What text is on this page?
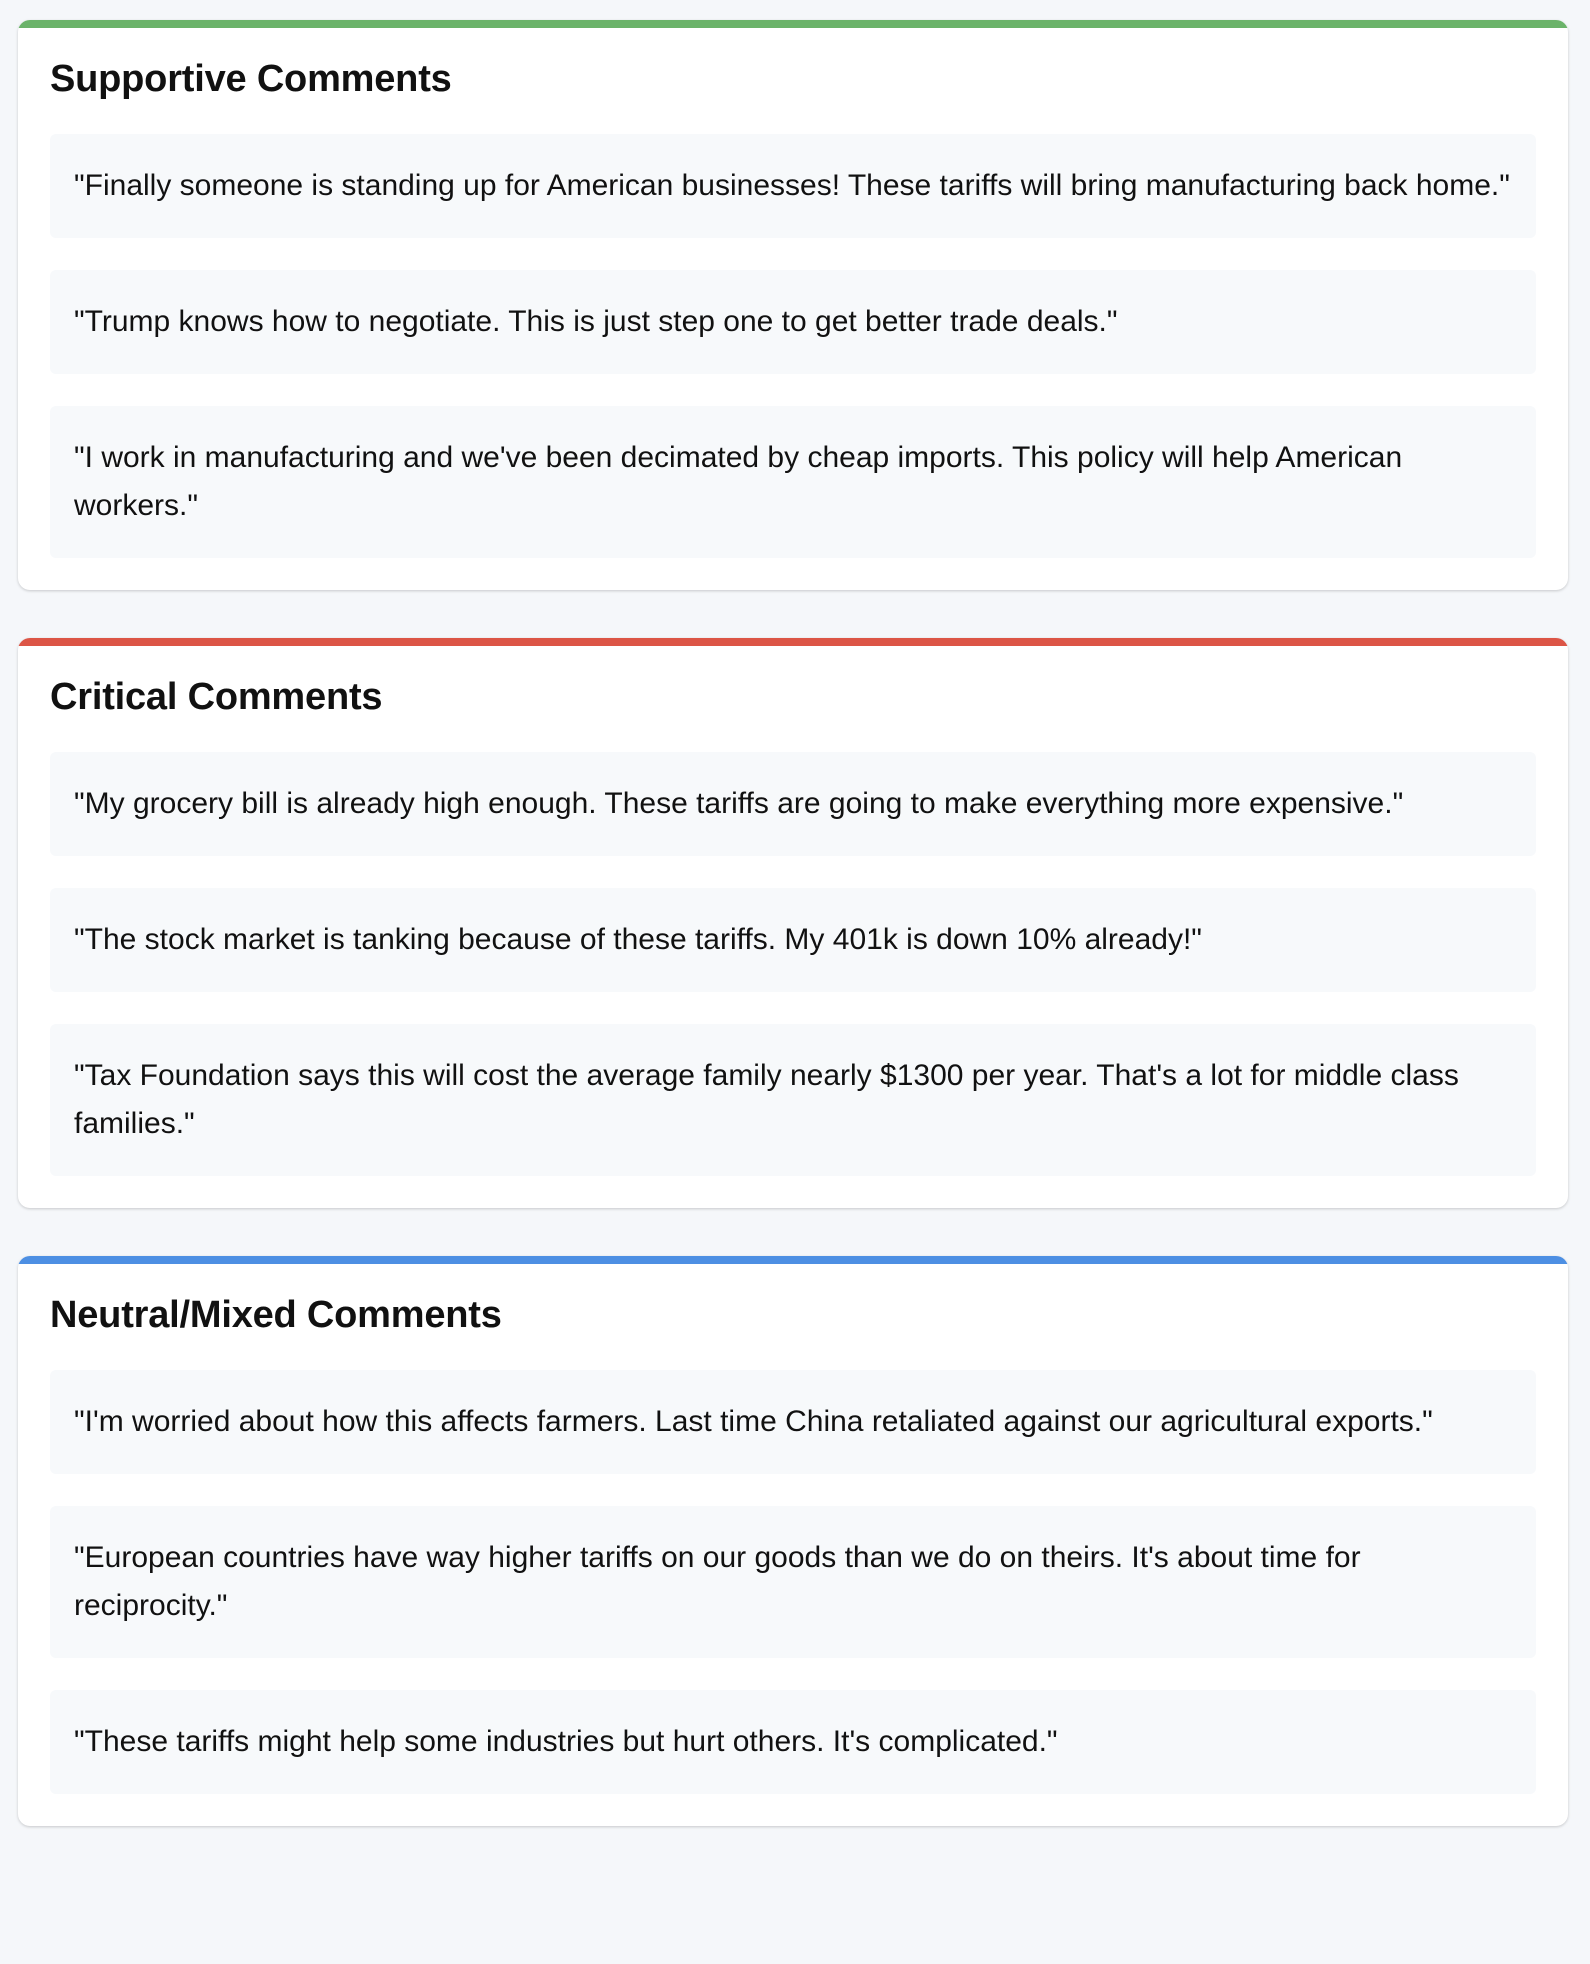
Supportive Comments
"Finally someone is standing up for American businesses! These tariffs will bring manufacturing back home."
"Trump knows how to negotiate. This is just step one to get better trade deals."
"I work in manufacturing and we've been decimated by cheap imports. This policy will help American workers."
Critical Comments
"My grocery bill is already high enough. These tariffs are going to make everything more expensive."
"The stock market is tanking because of these tariffs. My 401k is down 10% already!"
"Tax Foundation says this will cost the average family nearly $1300 per year. That's a lot for middle class families."
Neutral/Mixed Comments
"I'm worried about how this affects farmers. Last time China retaliated against our agricultural exports."
"European countries have way higher tariffs on our goods than we do on theirs. It's about time for reciprocity."
"These tariffs might help some industries but hurt others. It's complicated."
